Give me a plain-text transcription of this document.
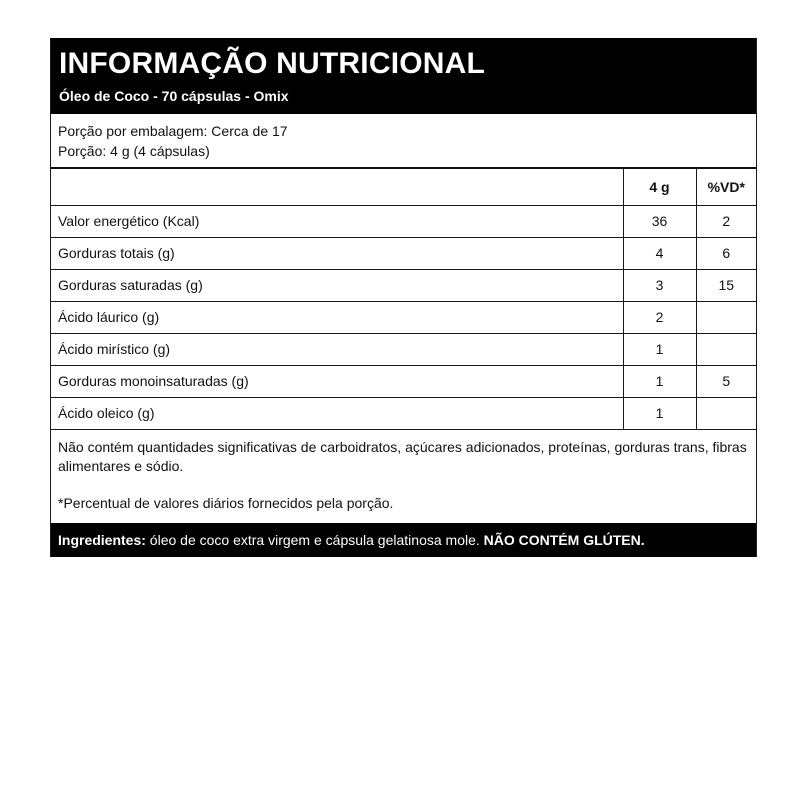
INFORMAÇÃO NUTRICIONAL
Óleo de Coco - 70 cápsulas - Omix
Porção por embalagem: Cerca de 17
Porção: 4 g (4 cápsulas)
	4 g	%VD*
Valor energético (Kcal)	36	2
Gorduras totais (g)	4	6
Gorduras saturadas (g)	3	15
Ácido láurico (g)	2	
Ácido mirístico (g)	1	
Gorduras monoinsaturadas (g)	1	5
Ácido oleico (g)	1	
Não contém quantidades significativas de carboidratos, açúcares adicionados, proteínas, gorduras trans, fibras alimentares e sódio.
*Percentual de valores diários fornecidos pela porção.
Ingredientes: óleo de coco extra virgem e cápsula gelatinosa mole. NÃO CONTÉM GLÚTEN.
